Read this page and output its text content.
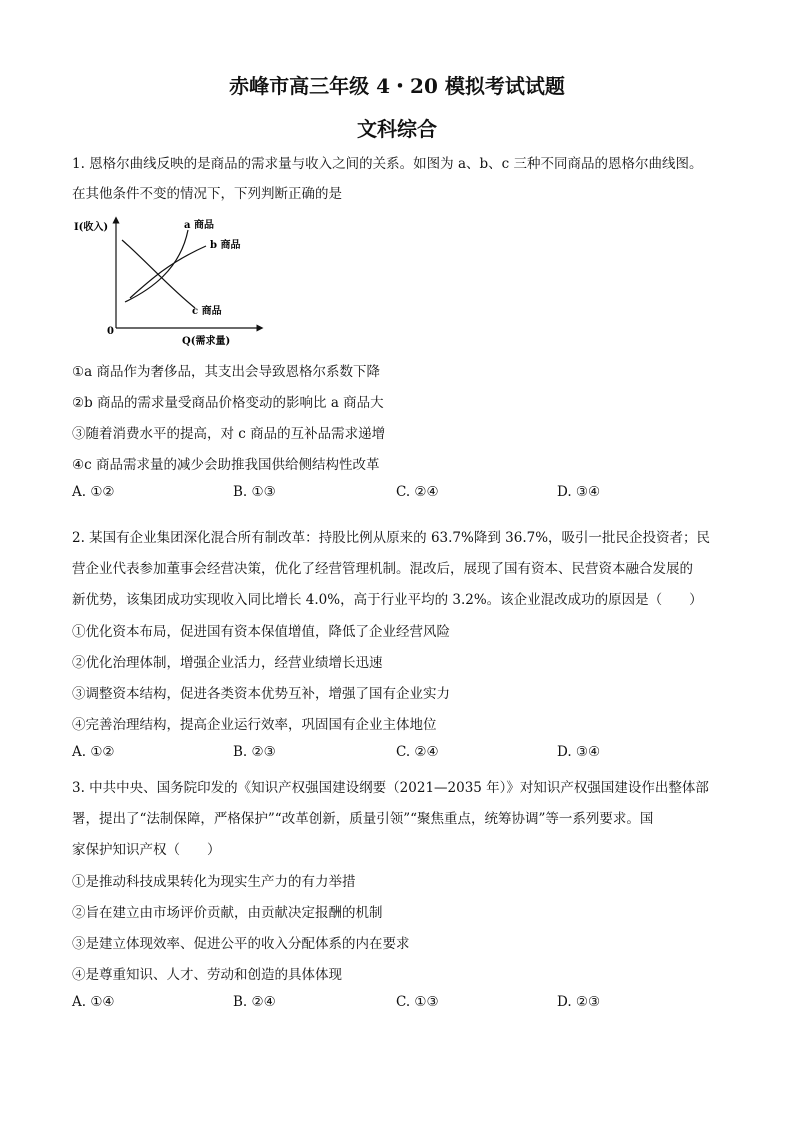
赤峰市高三年级 4・20 模拟考试试题
文科综合
1. 恩格尔曲线反映的是商品的需求量与收入之间的关系。如图为 a、b、c 三种不同商品的恩格尔曲线图。
在其他条件不变的情况下，下列判断正确的是
I(收入)
Q(需求量)
0
a 商品
b 商品
c 商品
①a 商品作为奢侈品，其支出会导致恩格尔系数下降
②b 商品的需求量受商品价格变动的影响比 a 商品大
③随着消费水平的提高，对 c 商品的互补品需求递增
④c 商品需求量的减少会助推我国供给侧结构性改革
A. ①②	B. ①③	C. ②④	D. ③④
2. 某国有企业集团深化混合所有制改革：持股比例从原来的 63.7%降到 36.7%，吸引一批民企投资者；民
营企业代表参加董事会经营决策，优化了经营管理机制。混改后，展现了国有资本、民营资本融合发展的
新优势，该集团成功实现收入同比增长 4.0%，高于行业平均的 3.2%。该企业混改成功的原因是（　　）
①优化资本布局，促进国有资本保值增值，降低了企业经营风险
②优化治理体制，增强企业活力，经营业绩增长迅速
③调整资本结构，促进各类资本优势互补，增强了国有企业实力
④完善治理结构，提高企业运行效率，巩固国有企业主体地位
A. ①②	B. ②③	C. ②④	D. ③④
3. 中共中央、国务院印发的《知识产权强国建设纲要（2021—2035 年）》对知识产权强国建设作出整体部
署，提出了“法制保障，严格保护”“改革创新，质量引领”“聚焦重点，统筹协调”等一系列要求。国
家保护知识产权（　　）
①是推动科技成果转化为现实生产力的有力举措
②旨在建立由市场评价贡献，由贡献决定报酬的机制
③是建立体现效率、促进公平的收入分配体系的内在要求
④是尊重知识、人才、劳动和创造的具体体现
A. ①④	B. ②④	C. ①③	D. ②③
